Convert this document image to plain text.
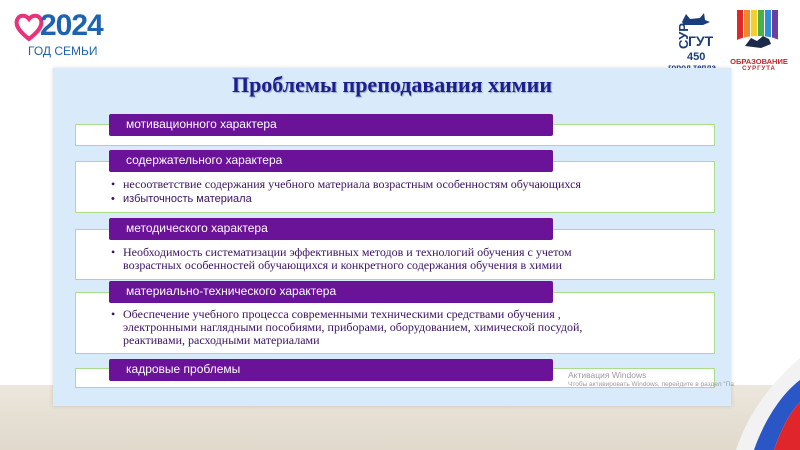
2024
ГОД СЕМЬИ
СУР
ГУТ
450	ОБРАЗОВАНИЕ
СУРГУТА
Проблемы преподавания химии
мотивационного характера
содержательного характера
• несоответствие содержания учебного материала возрастным особенностям обучающихся
• избыточность материала
методического характера
• Необходимость систематизации эффективных методов и технологий обучения с учетом возрастных особенностей обучающихся и конкретного содержания обучения в химии
материально-технического характера
• Обеспечение учебного процесса современными техническими средствами обучения , электронными наглядными пособиями, приборами, оборудованием, химической посудой, реактивами, расходными материалами
кадровые проблемы	Активация Windows
Чтобы активировать Windows, перейдите в раздел "Па
